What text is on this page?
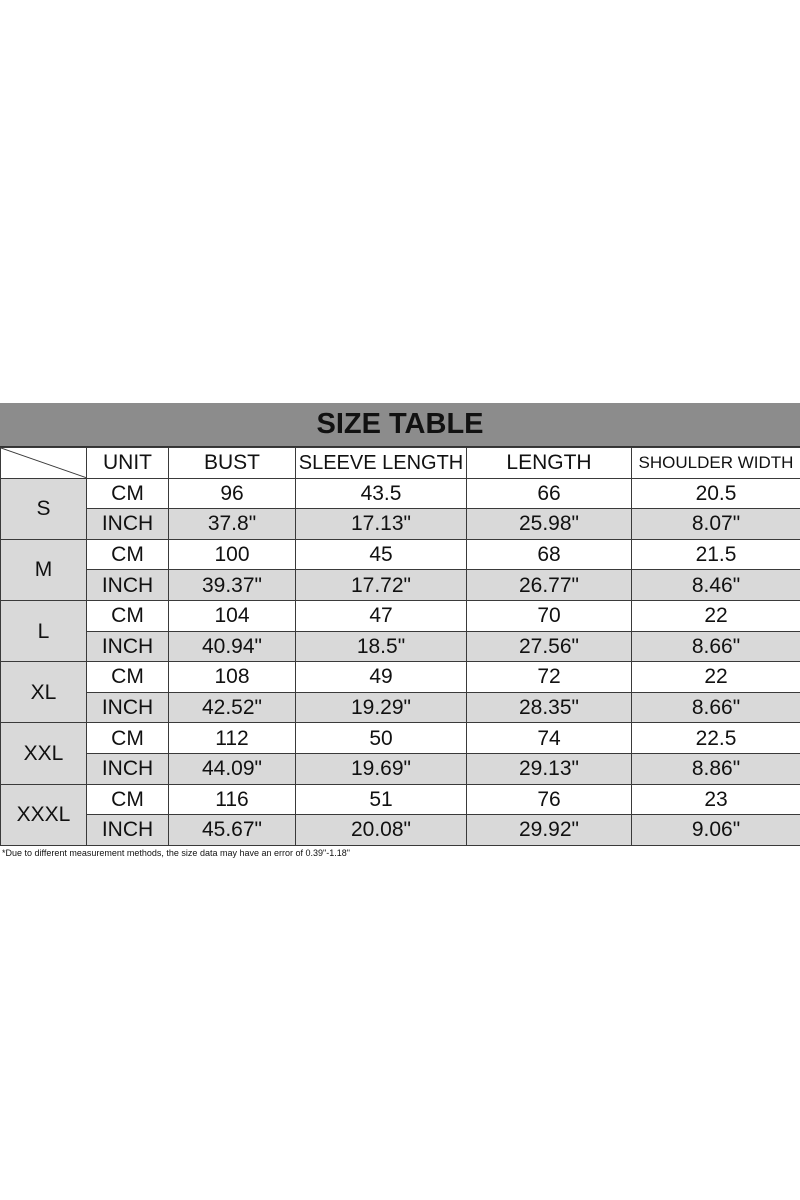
SIZE TABLE
	UNIT	BUST	SLEEVE LENGTH	LENGTH	SHOULDER WIDTH
S	CM	96	43.5	66	20.5
	INCH	37.8"	17.13"	25.98"	8.07"
M	CM	100	45	68	21.5
	INCH	39.37"	17.72"	26.77"	8.46"
L	CM	104	47	70	22
	INCH	40.94"	18.5"	27.56"	8.66"
XL	CM	108	49	72	22
	INCH	42.52"	19.29"	28.35"	8.66"
XXL	CM	112	50	74	22.5
	INCH	44.09"	19.69"	29.13"	8.86"
XXXL	CM	116	51	76	23
	INCH	45.67"	20.08"	29.92"	9.06"
*Due to different measurement methods, the size data may have an error of 0.39"-1.18"
